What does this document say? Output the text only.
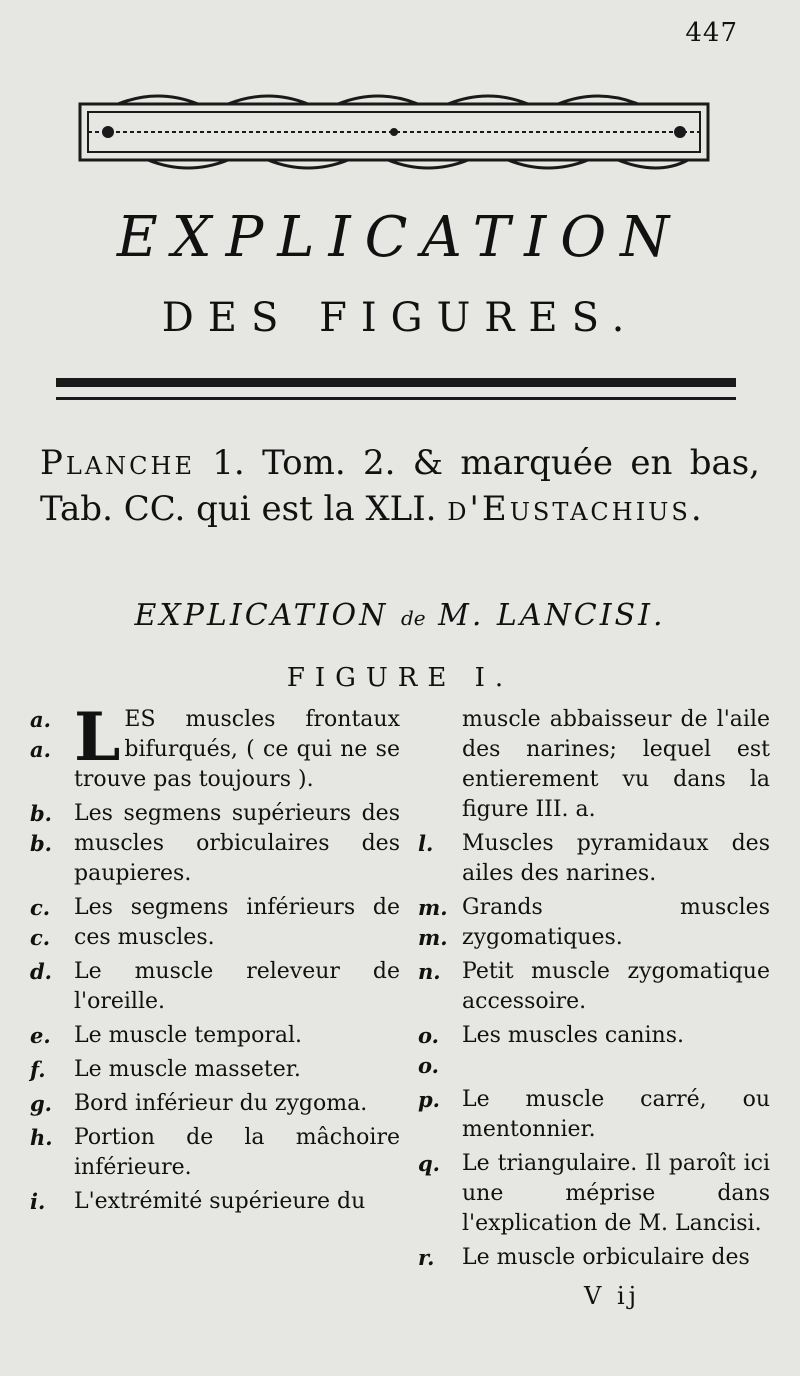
447
EXPLICATION
DES FIGURES.
Planche 1. Tom. 2. & marquée en bas, Tab. CC. qui est la XLI. d'Eustachius.
EXPLICATION de M. LANCISI.
FIGURE I.
a. a. LES muscles frontaux bifurqués, ( ce qui ne se trouve pas toujours ).
b. b.
Les segmens supérieurs des muscles orbiculaires des paupieres.
c. c.
Les segmens inférieurs de ces muscles.
d.	Le muscle releveur de l'oreille.
e.	Le muscle temporal.
f.	Le muscle masseter.
g.	Bord inférieur du zygoma.
h. Portion de la mâchoire inférieure.
i.	L'extrémité supérieure du
muscle abbaisseur de l'aile des narines; lequel est entierement vu dans la figure III. a.
l.	Muscles pyramidaux des ailes des narines.
m. m.
Grands muscles zygomatiques.
n. Petit muscle zygomatique accessoire.
o. o.
Les muscles canins.
p.	Le muscle carré, ou mentonnier.
q.	Le triangulaire. Il paroît ici une méprise dans l'explication de M. Lancisi.
r.	Le muscle orbiculaire des
V ij
